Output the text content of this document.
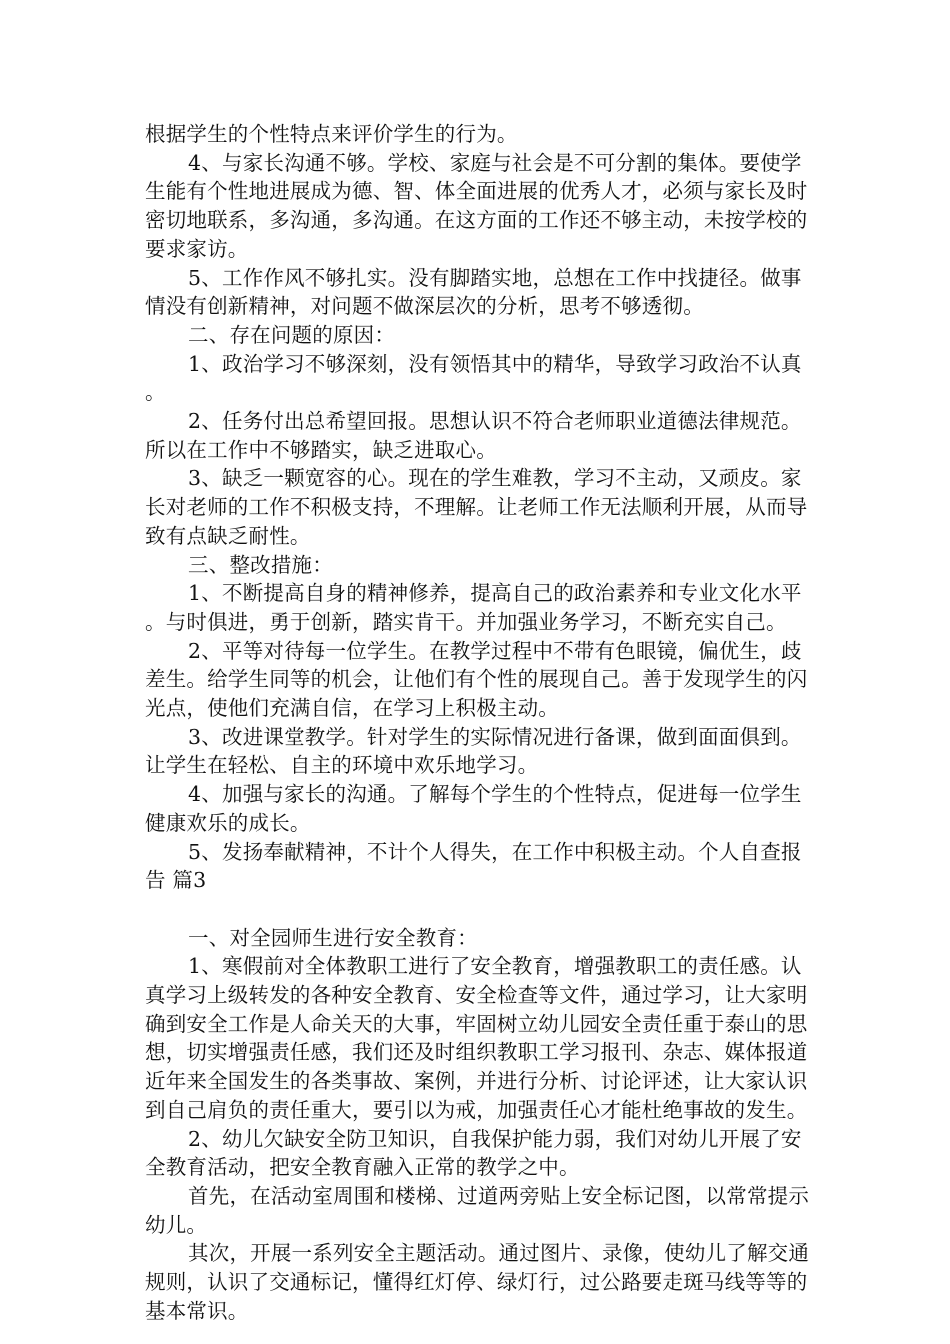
根据学生的个性特点来评价学生的行为。

4、与家长沟通不够。学校、家庭与社会是不可分割的集体。要使学生能有个性地进展成为德、智、体全面进展的优秀人才，必须与家长及时密切地联系，多沟通，多沟通。在这方面的工作还不够主动，未按学校的要求家访。

5、工作作风不够扎实。没有脚踏实地，总想在工作中找捷径。做事情没有创新精神，对问题不做深层次的分析，思考不够透彻。

二、存在问题的原因：

1、政治学习不够深刻，没有领悟其中的精华，导致学习政治不认真。

2、任务付出总希望回报。思想认识不符合老师职业道德法律规范。所以在工作中不够踏实，缺乏进取心。

3、缺乏一颗宽容的心。现在的学生难教，学习不主动，又顽皮。家长对老师的工作不积极支持，不理解。让老师工作无法顺利开展，从而导致有点缺乏耐性。

三、整改措施：

1、不断提高自身的精神修养，提高自己的政治素养和专业文化水平。与时俱进，勇于创新，踏实肯干。并加强业务学习，不断充实自己。

2、平等对待每一位学生。在教学过程中不带有色眼镜，偏优生，歧差生。给学生同等的机会，让他们有个性的展现自己。善于发现学生的闪光点，使他们充满自信，在学习上积极主动。

3、改进课堂教学。针对学生的实际情况进行备课，做到面面俱到。让学生在轻松、自主的环境中欢乐地学习。

4、加强与家长的沟通。了解每个学生的个性特点，促进每一位学生健康欢乐的成长。

5、发扬奉献精神，不计个人得失，在工作中积极主动。个人自查报告 篇3

一、对全园师生进行安全教育：

1、寒假前对全体教职工进行了安全教育，增强教职工的责任感。认真学习上级转发的各种安全教育、安全检查等文件，通过学习，让大家明确到安全工作是人命关天的大事，牢固树立幼儿园安全责任重于泰山的思想，切实增强责任感，我们还及时组织教职工学习报刊、杂志、媒体报道近年来全国发生的各类事故、案例，并进行分析、讨论评述，让大家认识到自己肩负的责任重大，要引以为戒，加强责任心才能杜绝事故的发生。

2、幼儿欠缺安全防卫知识，自我保护能力弱，我们对幼儿开展了安全教育活动，把安全教育融入正常的教学之中。

首先，在活动室周围和楼梯、过道两旁贴上安全标记图，以常常提示幼儿。

其次，开展一系列安全主题活动。通过图片、录像，使幼儿了解交通规则，认识了交通标记，懂得红灯停、绿灯行，过公路要走斑马线等等的基本常识。
